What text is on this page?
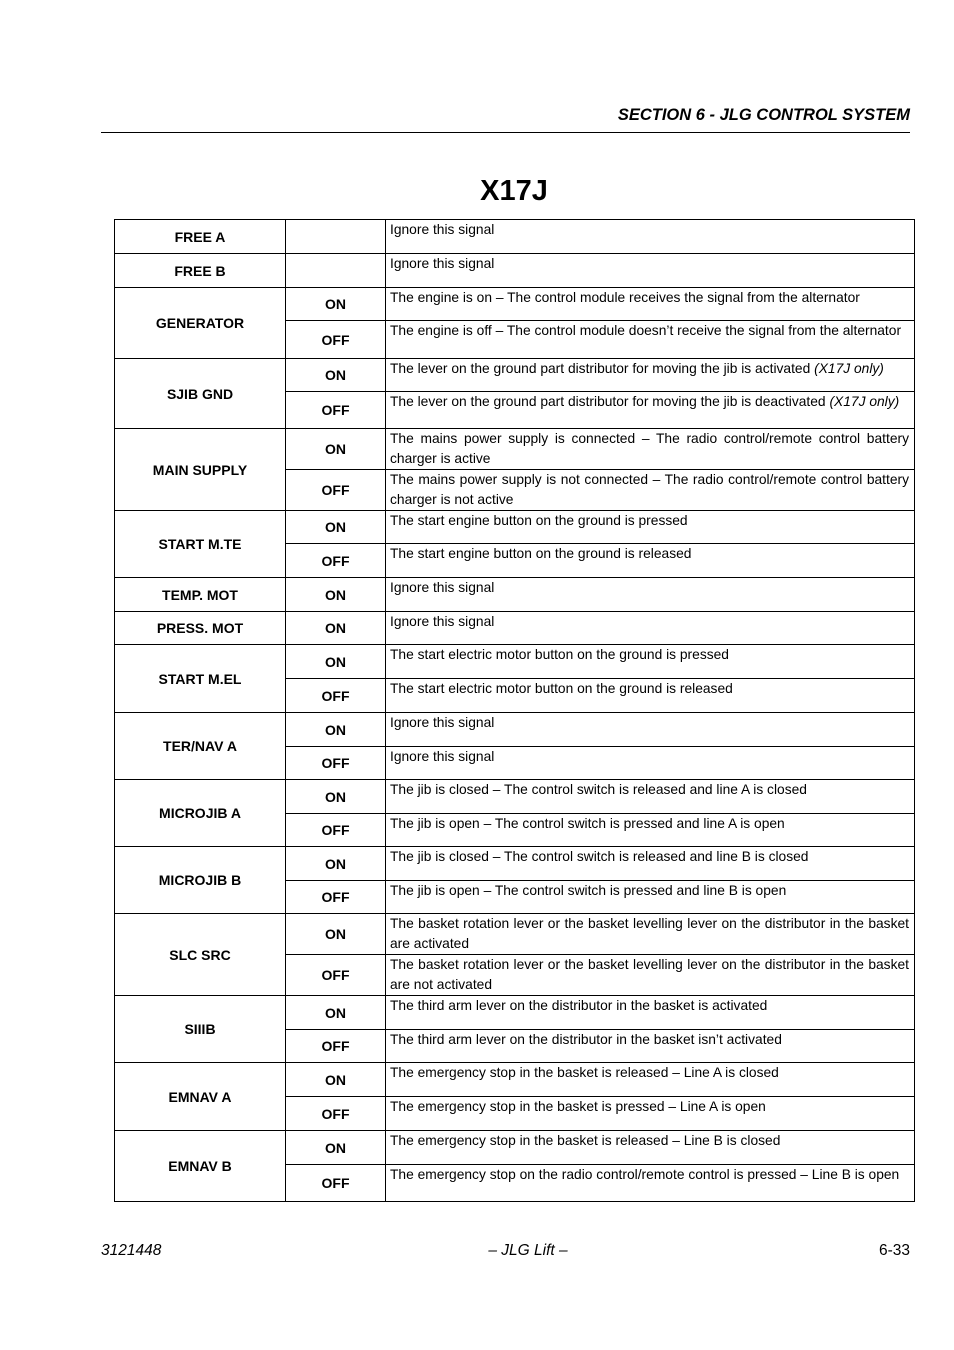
SECTION 6 - JLG CONTROL SYSTEM
X17J
FREE A		Ignore this signal
FREE B		Ignore this signal
GENERATOR	ON	The engine is on – The control module receives the signal from the alternator
	OFF	The engine is off – The control module doesn’t receive the signal from the alternator
SJIB GND	ON	The lever on the ground part distributor for moving the jib is activated (X17J only)
	OFF	The lever on the ground part distributor for moving the jib is deactivated (X17J only)
MAIN SUPPLY	ON	The mains power supply is connected – The radio control/remote control battery charger is active
	OFF	The mains power supply is not connected – The radio control/remote control battery charger is not active
START M.TE	ON	The start engine button on the ground is pressed
	OFF	The start engine button on the ground is released
TEMP. MOT	ON	Ignore this signal
PRESS. MOT	ON	Ignore this signal
START M.EL	ON	The start electric motor button on the ground is pressed
	OFF	The start electric motor button on the ground is released
TER/NAV A	ON	Ignore this signal
	OFF	Ignore this signal
MICROJIB A	ON	The jib is closed – The control switch is released and line A is closed
	OFF	The jib is open – The control switch is pressed and line A is open
MICROJIB B	ON	The jib is closed – The control switch is released and line B is closed
	OFF	The jib is open – The control switch is pressed and line B is open
SLC SRC	ON	The basket rotation lever or the basket levelling lever on the distributor in the basket are activated
	OFF	The basket rotation lever or the basket levelling lever on the distributor in the basket are not activated
SIIIB	ON	The third arm lever on the distributor in the basket is activated
	OFF	The third arm lever on the distributor in the basket isn’t activated
EMNAV A	ON	The emergency stop in the basket is released – Line A is closed
	OFF	The emergency stop in the basket is pressed – Line A is open
EMNAV B	ON	The emergency stop in the basket is released – Line B is closed
	OFF	The emergency stop on the radio control/remote control is pressed – Line B is open
3121448	– JLG Lift –	6-33
